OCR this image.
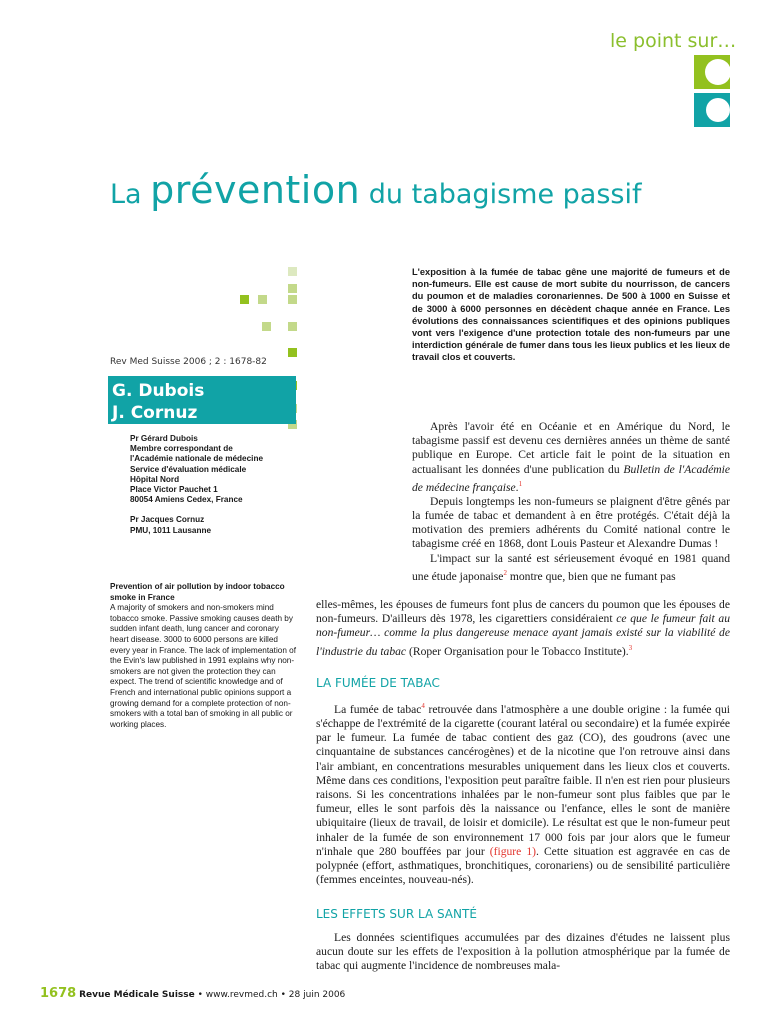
le point sur…
La prévention du tabagisme passif
Rev Med Suisse 2006 ; 2 : 1678-82
G. Dubois
J. Cornuz
Pr Gérard Dubois
Membre correspondant de
l'Académie nationale de médecine
Service d'évaluation médicale
Hôpital Nord
Place Victor Pauchet 1
80054 Amiens Cedex, France
Pr Jacques Cornuz
PMU, 1011 Lausanne
Prevention of air pollution by indoor tobacco smoke in France
A majority of smokers and non-smokers mind tobacco smoke. Passive smoking causes death by sudden infant death, lung cancer and coronary heart disease. 3000 to 6000 persons are killed every year in France. The lack of implementation of the Evin's law published in 1991 explains why non-smokers are not given the protection they can expect. The trend of scientific knowledge and of French and international public opinions support a growing demand for a complete protection of non-smokers with a total ban of smoking in all public or working places.
L'exposition à la fumée de tabac gêne une majorité de fumeurs et de non-fumeurs. Elle est cause de mort subite du nourrisson, de cancers du poumon et de maladies coronariennes. De 500 à 1000 en Suisse et de 3000 à 6000 personnes en décèdent chaque année en France. Les évolutions des connaissances scientifiques et des opinions publiques vont vers l'exigence d'une protection totale des non-fumeurs par une interdiction générale de fumer dans tous les lieux publics et les lieux de travail clos et couverts.

Après l'avoir été en Océanie et en Amérique du Nord, le tabagisme passif est devenu ces dernières années un thème de santé publique en Europe. Cet article fait le point de la situation en actualisant les données d'une publication du Bulletin de l'Académie de médecine française.$^1$

Depuis longtemps les non-fumeurs se plaignent d'être gênés par la fumée de tabac et demandent à en être protégés. C'était déjà la motivation des premiers adhérents du Comité national contre le tabagisme créé en 1868, dont Louis Pasteur et Alexandre Dumas !

L'impact sur la santé est sérieusement évoqué en 1981 quand une étude japonaise$^2$ montre que, bien que ne fumant pas

elles-mêmes, les épouses de fumeurs font plus de cancers du poumon que les épouses de non-fumeurs. D'ailleurs dès 1978, les cigarettiers considéraient ce que le fumeur fait au non-fumeur… comme la plus dangereuse menace ayant jamais existé sur la viabilité de l'industrie du tabac (Roper Organisation pour le Tobacco Institute).$^3$

LA FUMÉE DE TABAC

La fumée de tabac$^4$ retrouvée dans l'atmosphère a une double origine : la fumée qui s'échappe de l'extrémité de la cigarette (courant latéral ou secondaire) et la fumée expirée par le fumeur. La fumée de tabac contient des gaz (CO), des goudrons (avec une cinquantaine de substances cancérogènes) et de la nicotine que l'on retrouve ainsi dans l'air ambiant, en concentrations mesurables uniquement dans les lieux clos et couverts. Même dans ces conditions, l'exposition peut paraître faible. Il n'en est rien pour plusieurs raisons. Si les concentrations inhalées par le non-fumeur sont plus faibles que par le fumeur, elles le sont parfois dès la naissance ou l'enfance, elles le sont de manière ubiquitaire (lieux de travail, de loisir et domicile). Le résultat est que le non-fumeur peut inhaler de la fumée de son environnement 17 000 fois par jour alors que le fumeur n'inhale que 280 bouffées par jour (figure 1). Cette situation est aggravée en cas de polypnée (effort, asthmatiques, bronchitiques, coronariens) ou de sensibilité particulière (femmes enceintes, nouveau-nés).

LES EFFETS SUR LA SANTÉ

Les données scientifiques accumulées par des dizaines d'études ne laissent plus aucun doute sur les effets de l'exposition à la pollution atmosphérique par la fumée de tabac qui augmente l'incidence de nombreuses mala-

1678 Revue Médicale Suisse • www.revmed.ch • 28 juin 2006
